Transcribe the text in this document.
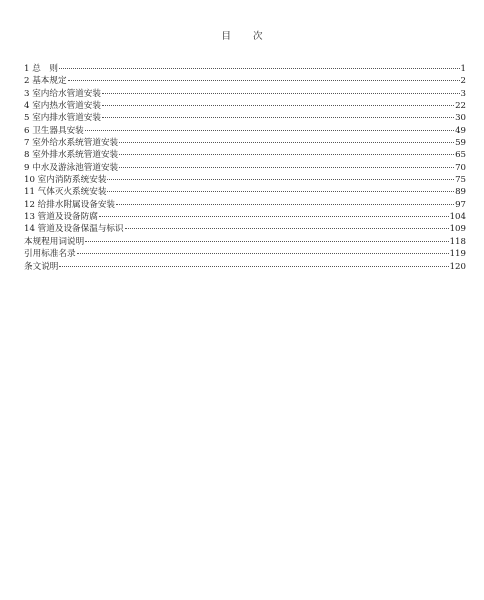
目 次
1 总　则	1
2 基本规定	2
3 室内给水管道安装	3
4 室内热水管道安装	22
5 室内排水管道安装	30
6 卫生器具安装	49
7 室外给水系统管道安装	59
8 室外排水系统管道安装	65
9 中水及游泳池管道安装	70
10 室内消防系统安装	75
11 气体灭火系统安装	89
12 给排水附属设备安装	97
13 管道及设备防腐	104
14 管道及设备保温与标识	109
本规程用词说明	118
引用标准名录	119
条文说明	120
